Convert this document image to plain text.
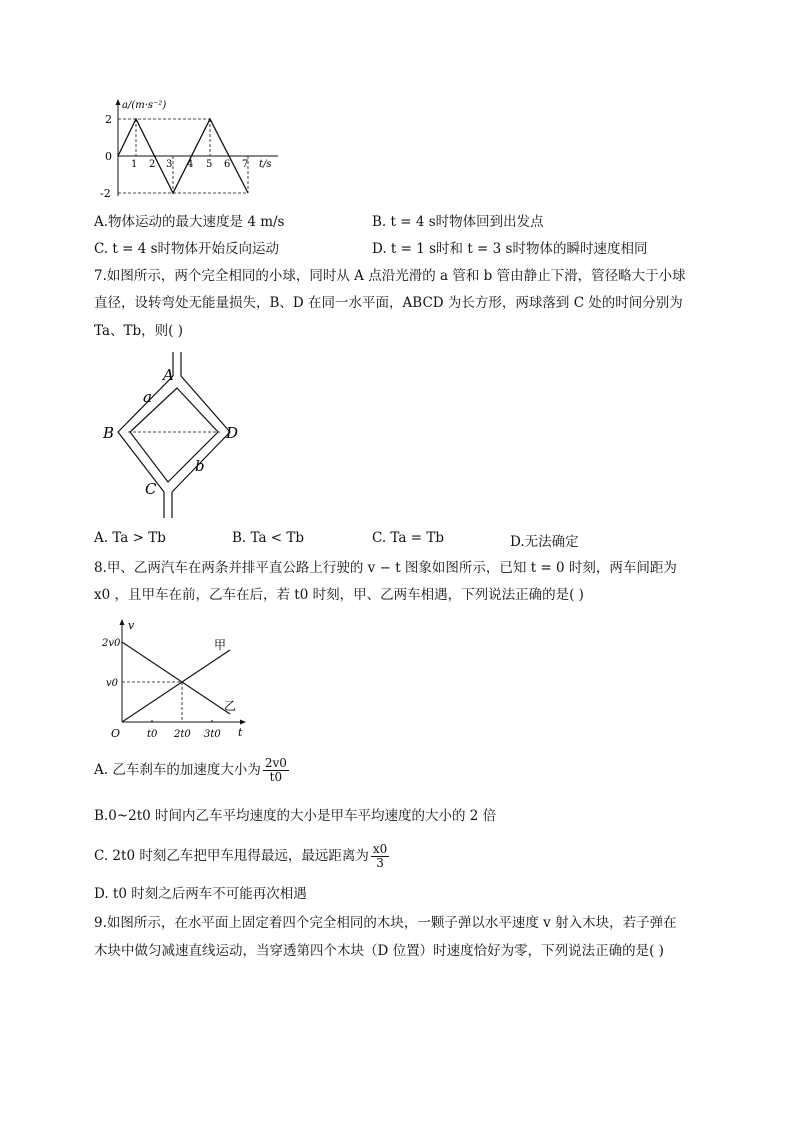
a/(m·s⁻²)
t/s
2
0
-2
1 2 3 4 5 6 7
A.物体运动的最大速度是 4 m/s	B. t = 4 s时物体回到出发点
C. t = 4 s时物体开始反向运动	D. t = 1 s时和 t = 3 s时物体的瞬时速度相同
7.如图所示，两个完全相同的小球，同时从 A 点沿光滑的 a 管和 b 管由静止下滑，管径略大于小球
直径，设转弯处无能量损失，B、D 在同一水平面，ABCD 为长方形，两球落到 C 处的时间分别为
Ta、Tb，则( )
A
a
B	D
b
C
A. Ta > Tb	B. Ta < Tb	C. Ta = Tb	D.无法确定
8.甲、乙两汽车在两条并排平直公路上行驶的 v − t 图象如图所示，已知 t = 0 时刻，两车间距为
x0 ，且甲车在前，乙车在后，若 t0 时刻，甲、乙两车相遇，下列说法正确的是( )
v
t
O
2v0
v0
t0 2t0 3t0
甲
乙
A. 乙车刹车的加速度大小为 $\frac{2v0}{t0}$
B.0~2t0 时间内乙车平均速度的大小是甲车平均速度的大小的 2 倍
C. 2t0 时刻乙车把甲车甩得最远，最远距离为 $\frac{x0}{3}$
D. t0 时刻之后两车不可能再次相遇
9.如图所示，在水平面上固定着四个完全相同的木块，一颗子弹以水平速度 v 射入木块，若子弹在
木块中做匀减速直线运动，当穿透第四个木块（D 位置）时速度恰好为零，下列说法正确的是( )
